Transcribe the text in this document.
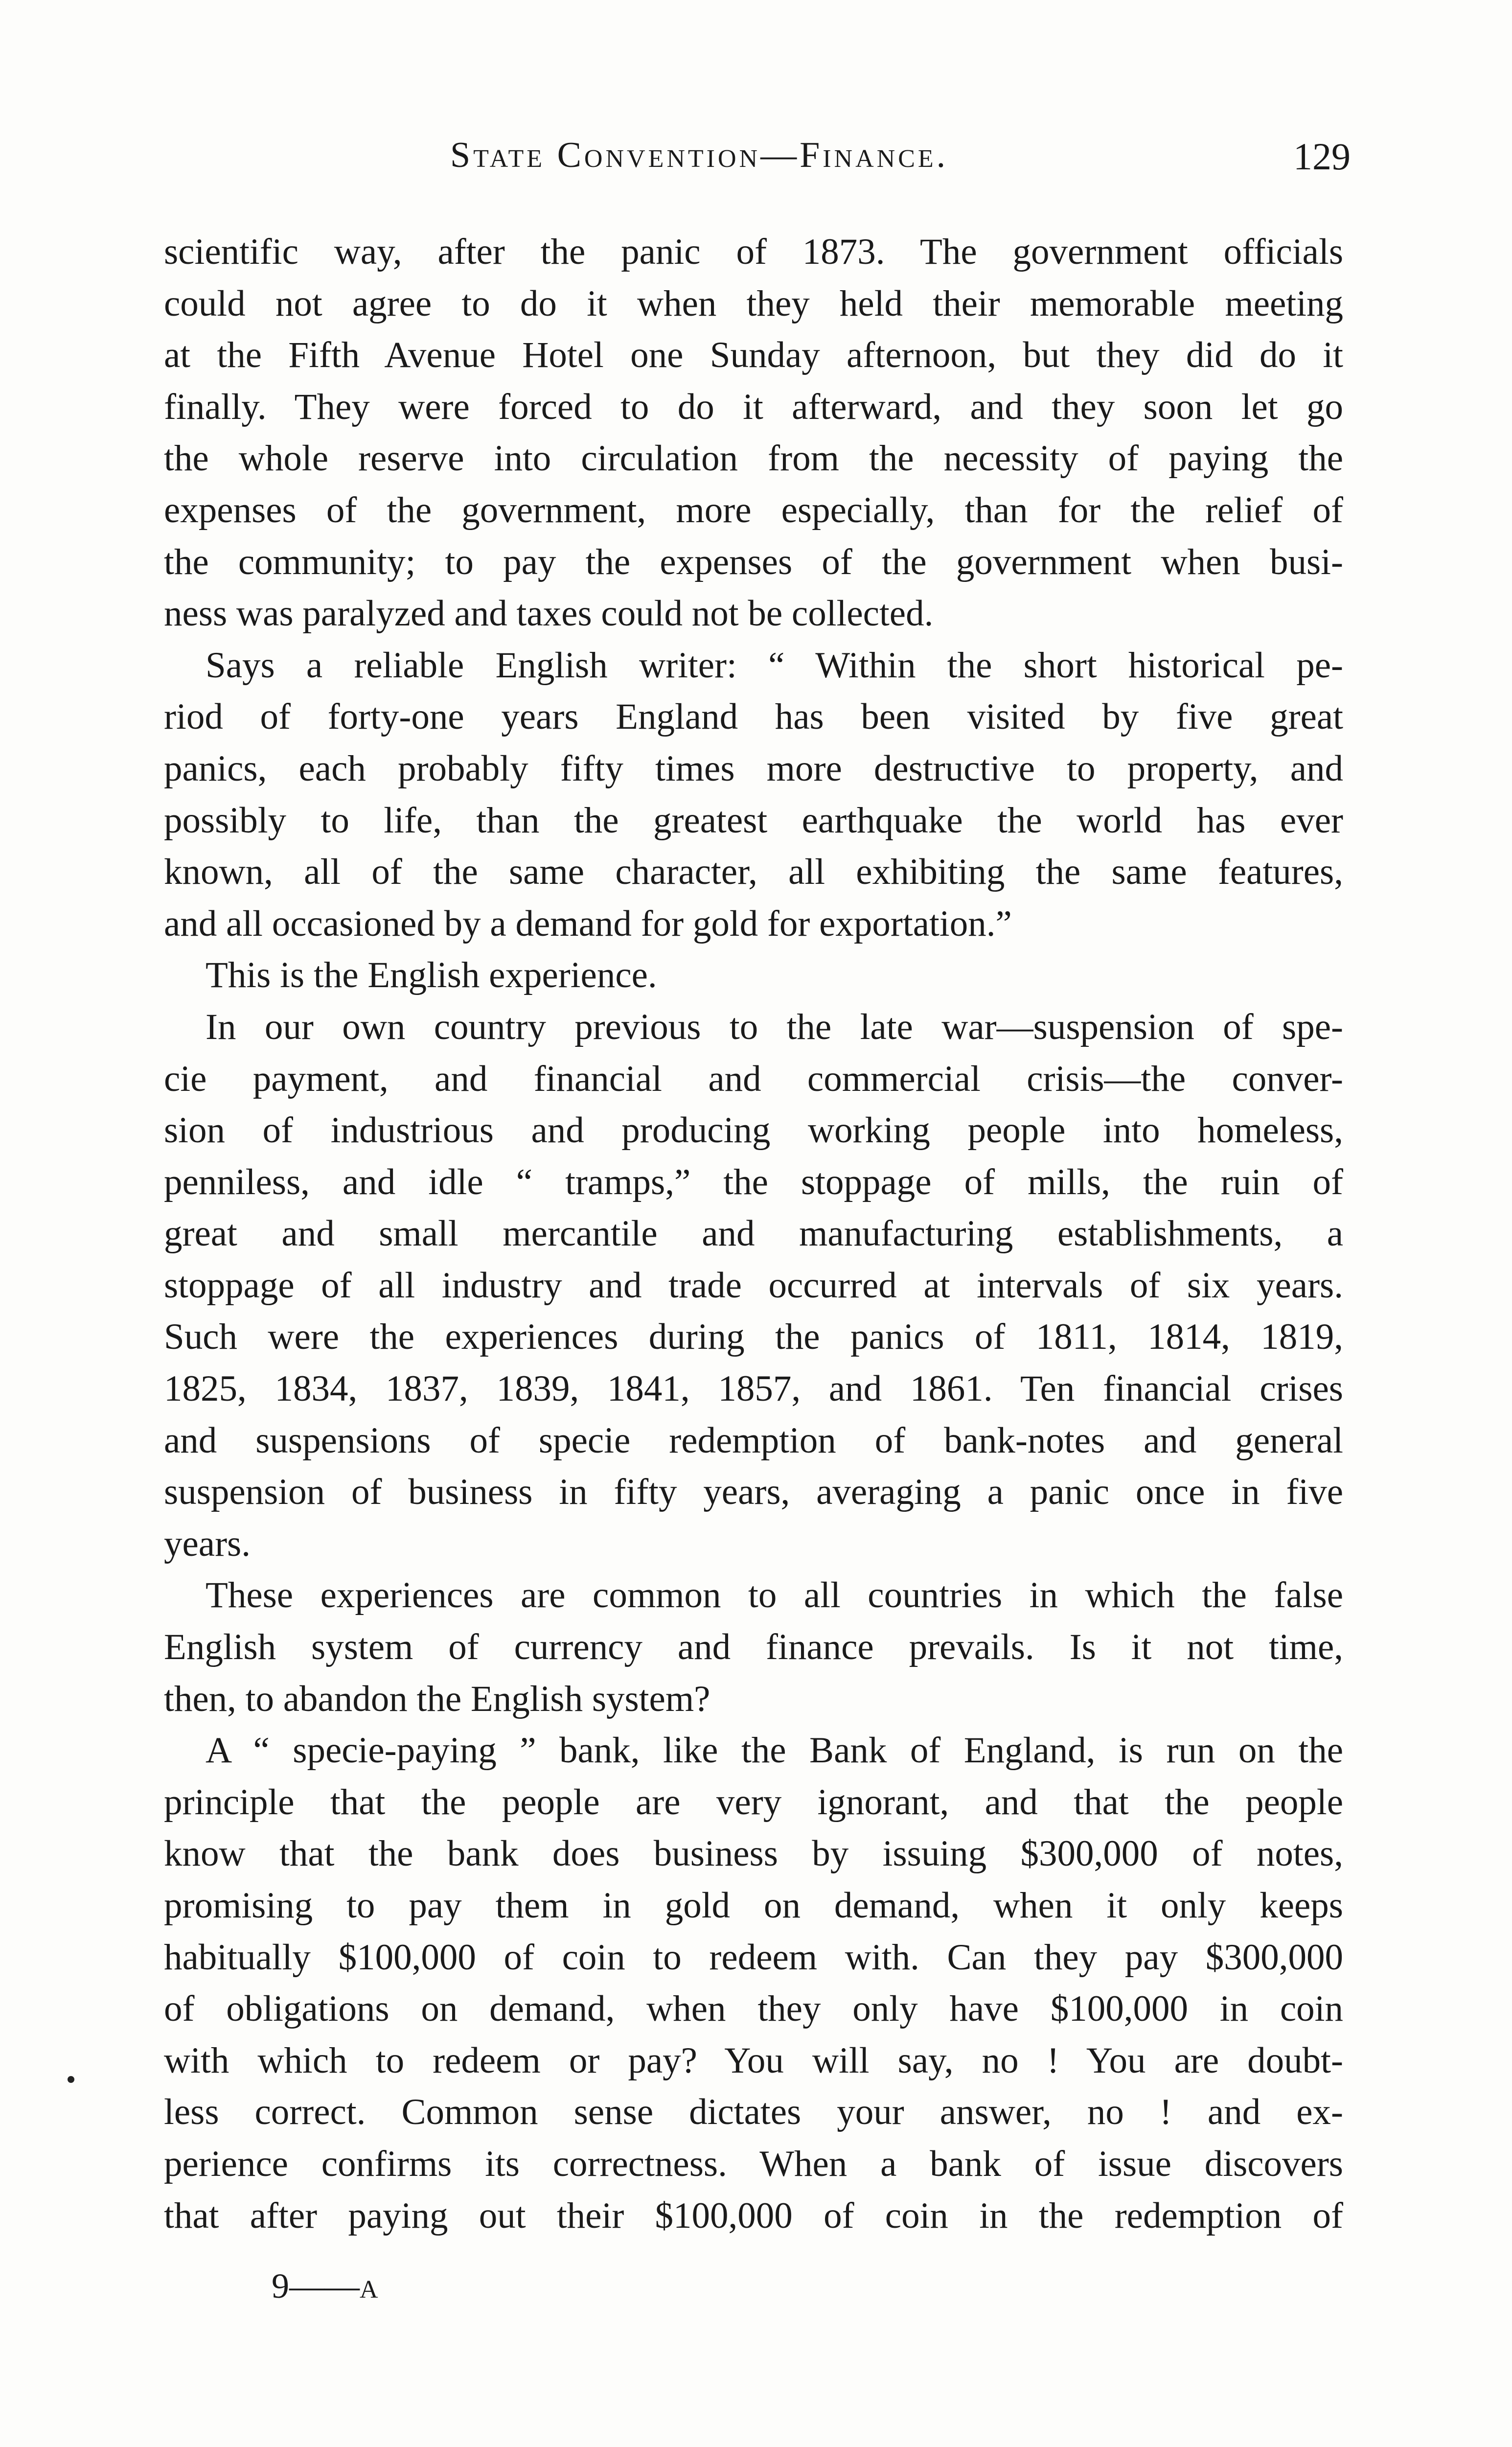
State Convention—Finance.	129
scientific way, after the panic of 1873. The government officials
could not agree to do it when they held their memorable meeting
at the Fifth Avenue Hotel one Sunday afternoon, but they did do it
finally. They were forced to do it afterward, and they soon let go
the whole reserve into circulation from the necessity of paying the
expenses of the government, more especially, than for the relief of
the community; to pay the expenses of the government when busi-
ness was paralyzed and taxes could not be collected.
Says a reliable English writer: “ Within the short historical pe-
riod of forty-one years England has been visited by five great
panics, each probably fifty times more destructive to property, and
possibly to life, than the greatest earthquake the world has ever
known, all of the same character, all exhibiting the same features,
and all occasioned by a demand for gold for exportation.”
This is the English experience.
In our own country previous to the late war—suspension of spe-
cie payment, and financial and commercial crisis—the conver-
sion of industrious and producing working people into homeless,
penniless, and idle “ tramps,” the stoppage of mills, the ruin of
great and small mercantile and manufacturing establishments, a
stoppage of all industry and trade occurred at intervals of six years.
Such were the experiences during the panics of 1811, 1814, 1819,
1825, 1834, 1837, 1839, 1841, 1857, and 1861. Ten financial crises
and suspensions of specie redemption of bank-notes and general
suspension of business in fifty years, averaging a panic once in five
years.
These experiences are common to all countries in which the false
English system of currency and finance prevails. Is it not time,
then, to abandon the English system?
A “ specie-paying ” bank, like the Bank of England, is run on the
principle that the people are very ignorant, and that the people
know that the bank does business by issuing $300,000 of notes,
promising to pay them in gold on demand, when it only keeps
habitually $100,000 of coin to redeem with. Can they pay $300,000
of obligations on demand, when they only have $100,000 in coin
with which to redeem or pay? You will say, no ! You are doubt-
less correct. Common sense dictates your answer, no ! and ex-
perience confirms its correctness. When a bank of issue discovers
that after paying out their $100,000 of coin in the redemption of
9——A
